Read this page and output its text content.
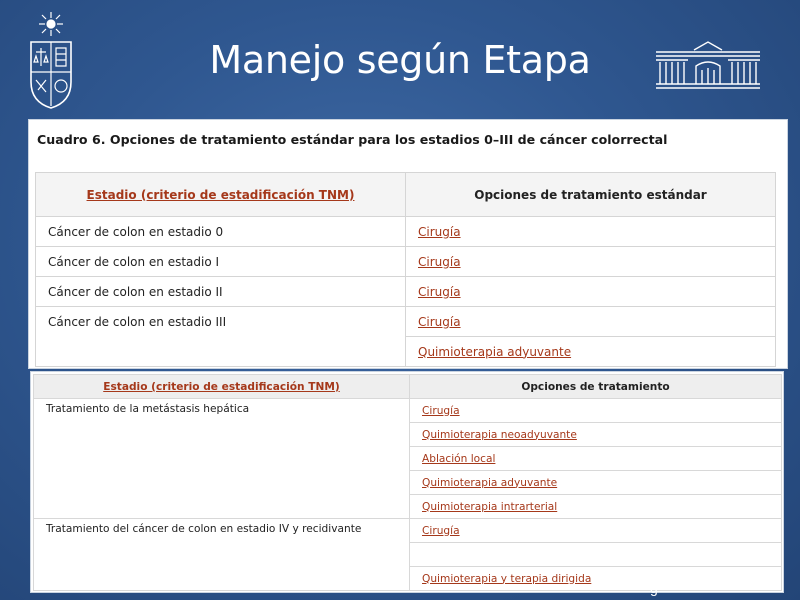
Manejo según Etapa
Cuadro 6. Opciones de tratamiento estándar para los estadios 0–III de cáncer colorrectal
Estadio (criterio de estadificación TNM)	Opciones de tratamiento estándar
Cáncer de colon en estadio 0	Cirugía
Cáncer de colon en estadio I	Cirugía
Cáncer de colon en estadio II	Cirugía
Cáncer de colon en estadio III	Cirugía
	Quimioterapia adyuvante
Estadio (criterio de estadificación TNM)	Opciones de tratamiento
Tratamiento de la metástasis hepática	Cirugía
	Quimioterapia neoadyuvante
	Ablación local
	Quimioterapia adyuvante
	Quimioterapia intrarterial
Tratamiento del cáncer de colon en estadio IV y recidivante	Cirugía

	Quimioterapia y terapia dirigida
g
